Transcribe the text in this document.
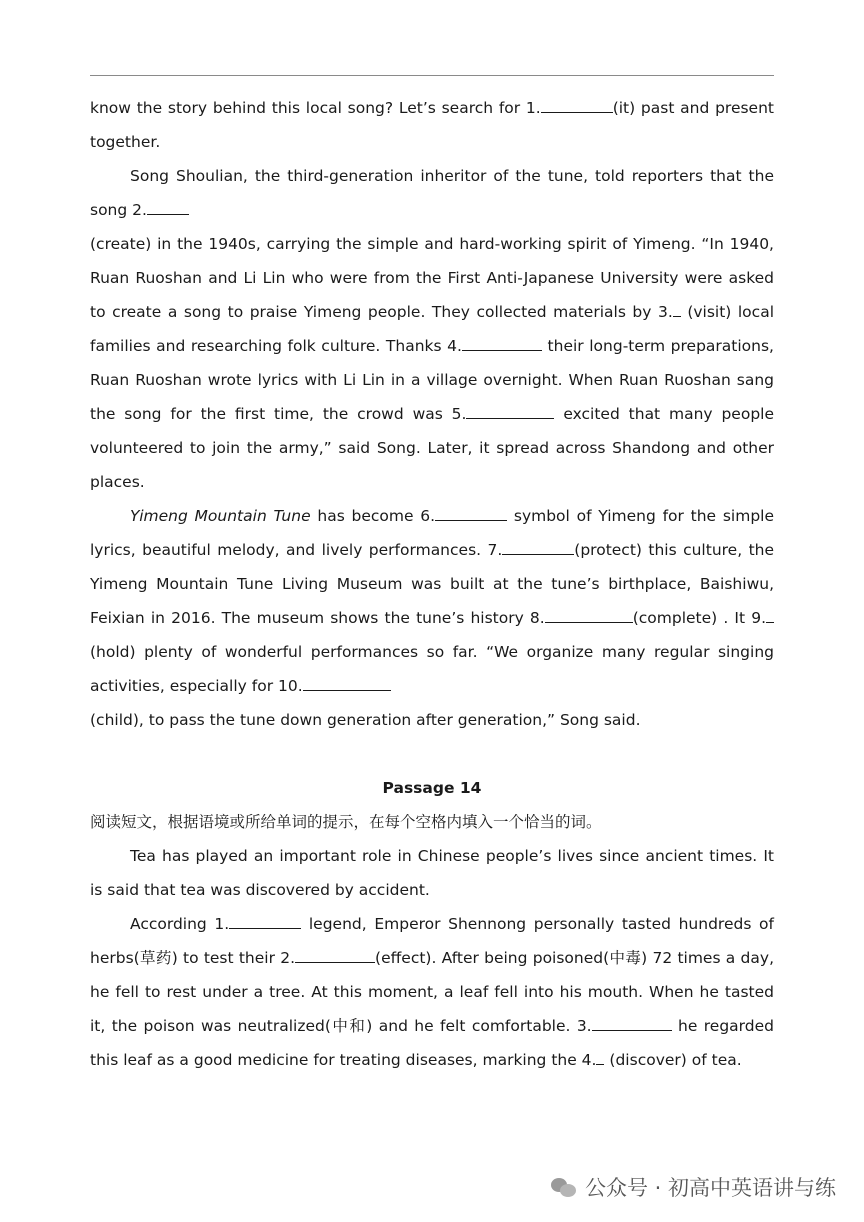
know the story behind this local song? Let’s search for 1.	(it) past and present together.

Song Shoulian, the third-generation inheritor of the tune, told reporters that the song 2.
(create) in the 1940s, carrying the simple and hard-working spirit of Yimeng. “In 1940, Ruan Ruoshan and Li Lin who were from the First Anti-Japanese University were asked to create a song to praise Yimeng people. They collected materials by 3. (visit) local families and researching folk culture. Thanks 4.	their long-term preparations, Ruan Ruoshan wrote lyrics with Li Lin in a village overnight. When Ruan Ruoshan sang the song for the first time, the crowd was 5.	excited that many people volunteered to join the army,” said Song. Later, it spread across Shandong and other places.

Yimeng Mountain Tune has become 6.	symbol of Yimeng for the simple lyrics, beautiful melody, and lively performances. 7.	(protect) this culture, the Yimeng Mountain Tune Living Museum was built at the tune’s birthplace, Baishiwu, Feixian in 2016. The museum shows the tune’s history 8.	(complete) . It 9. (hold) plenty of wonderful performances so far. “We organize many regular singing activities, especially for 10.
(child), to pass the tune down generation after generation,” Song said.

Passage 14

阅读短文，根据语境或所给单词的提示，在每个空格内填入一个恰当的词。

Tea has played an important role in Chinese people’s lives since ancient times. It is said that tea was discovered by accident.

According 1.	legend, Emperor Shennong personally tasted hundreds of herbs(草药) to test their 2.	(effect). After being poisoned(中毒) 72 times a day, he fell to rest under a tree. At this moment, a leaf fell into his mouth. When he tasted it, the poison was neutralized(中和) and he felt comfortable. 3.	he regarded this leaf as a good medicine for treating diseases, marking the 4. (discover) of tea.

公众号 · 初高中英语讲与练
